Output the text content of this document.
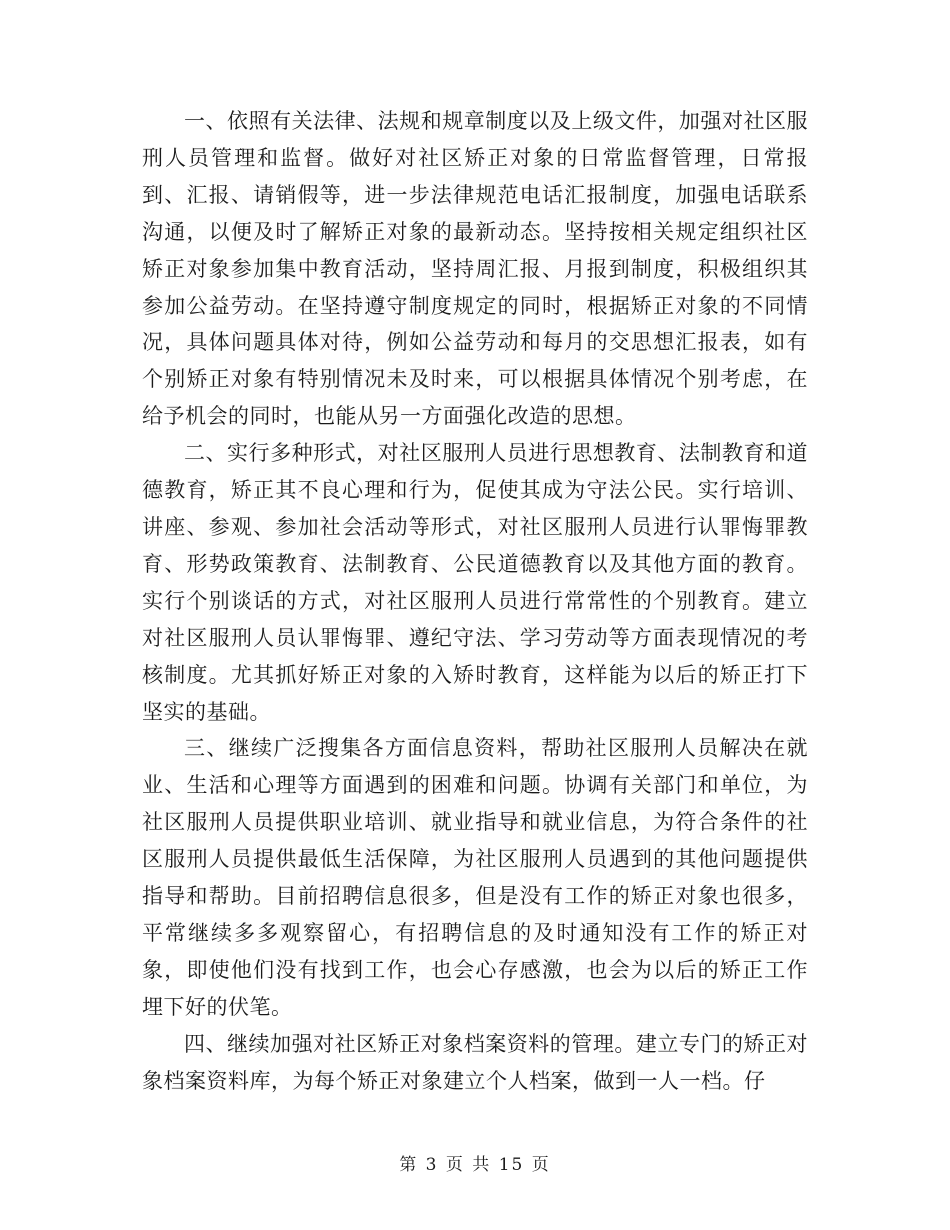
一、依照有关法律、法规和规章制度以及上级文件，加强对社区服刑人员管理和监督。做好对社区矫正对象的日常监督管理，日常报到、汇报、请销假等，进一步法律规范电话汇报制度，加强电话联系沟通，以便及时了解矫正对象的最新动态。坚持按相关规定组织社区矫正对象参加集中教育活动，坚持周汇报、月报到制度，积极组织其参加公益劳动。在坚持遵守制度规定的同时，根据矫正对象的不同情况，具体问题具体对待，例如公益劳动和每月的交思想汇报表，如有个别矫正对象有特别情况未及时来，可以根据具体情况个别考虑，在给予机会的同时，也能从另一方面强化改造的思想。

二、实行多种形式，对社区服刑人员进行思想教育、法制教育和道德教育，矫正其不良心理和行为，促使其成为守法公民。实行培训、讲座、参观、参加社会活动等形式，对社区服刑人员进行认罪悔罪教育、形势政策教育、法制教育、公民道德教育以及其他方面的教育。实行个别谈话的方式，对社区服刑人员进行常常性的个别教育。建立对社区服刑人员认罪悔罪、遵纪守法、学习劳动等方面表现情况的考核制度。尤其抓好矫正对象的入矫时教育，这样能为以后的矫正打下坚实的基础。

三、继续广泛搜集各方面信息资料，帮助社区服刑人员解决在就业、生活和心理等方面遇到的困难和问题。协调有关部门和单位，为社区服刑人员提供职业培训、就业指导和就业信息，为符合条件的社区服刑人员提供最低生活保障，为社区服刑人员遇到的其他问题提供指导和帮助。目前招聘信息很多，但是没有工作的矫正对象也很多，平常继续多多观察留心，有招聘信息的及时通知没有工作的矫正对象，即使他们没有找到工作，也会心存感激，也会为以后的矫正工作埋下好的伏笔。

四、继续加强对社区矫正对象档案资料的管理。建立专门的矫正对象档案资料库，为每个矫正对象建立个人档案，做到一人一档。仔

第 3 页 共 15 页
